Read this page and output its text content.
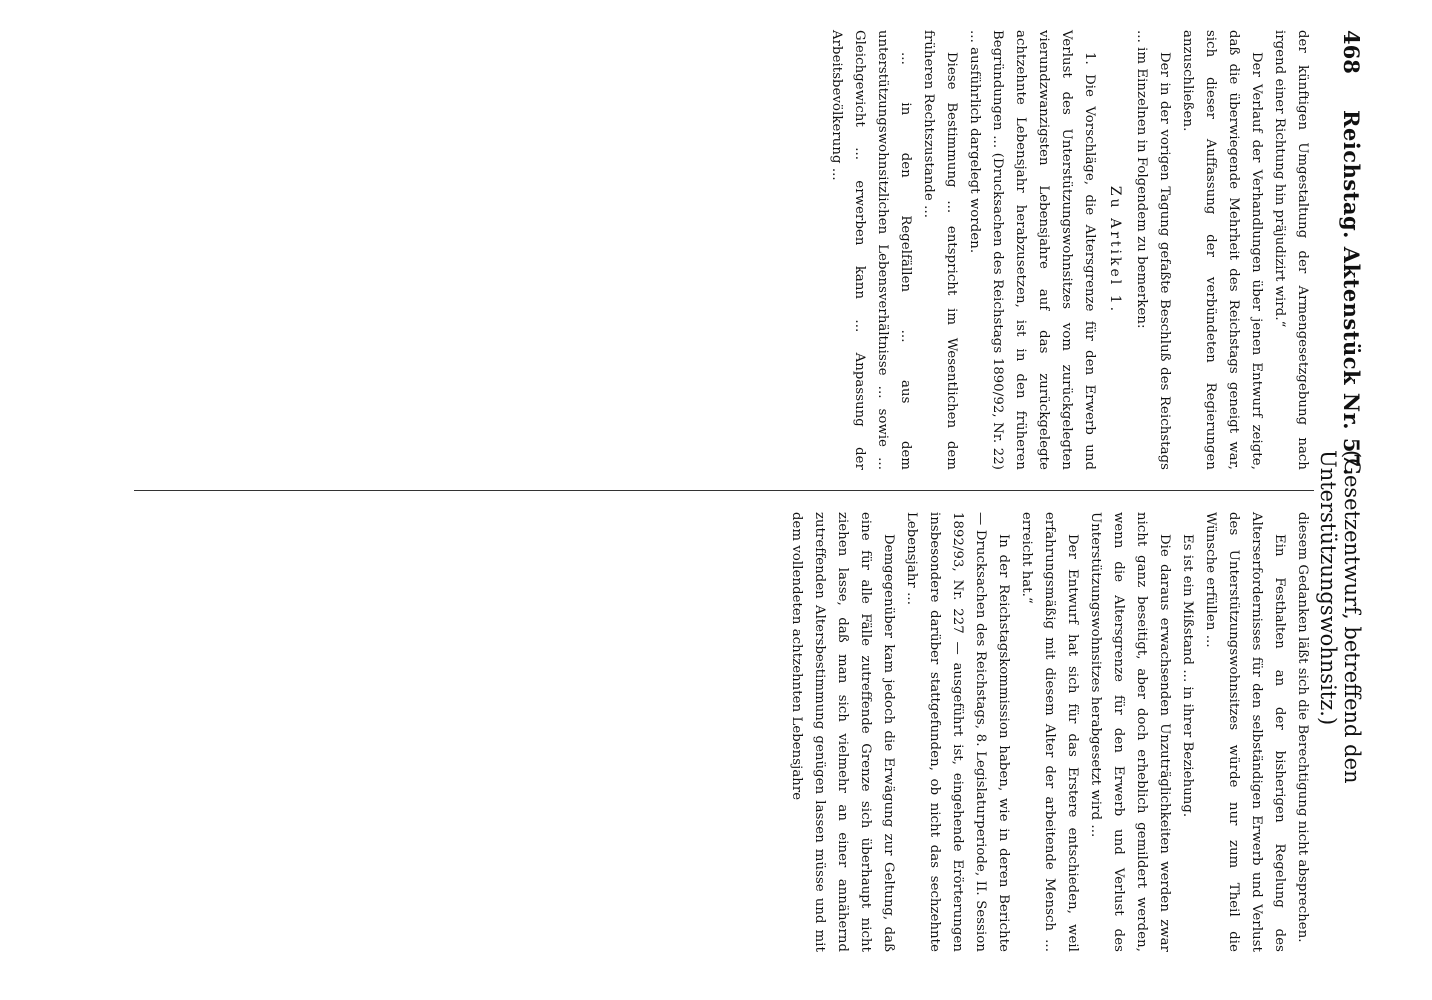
468
Reichstag. Aktenstück Nr. 57.
(Gesetzentwurf, betreffend den Unterstützungswohnsitz.)

der künftigen Umgestaltung der Armengesetzgebung nach irgend einer Richtung hin präjudizirt wird.“

Der Verlauf der Verhandlungen über jenen Entwurf zeigte, daß die überwiegende Mehrheit des Reichstags geneigt war, sich dieser Auffassung der verbündeten Regierungen anzuschließen.

Der in der vorigen Tagung gefaßte Beschluß des Reichstags ... im Einzelnen in Folgendem zu bemerken:

Zu Artikel 1.

1. Die Vorschläge, die Altersgrenze für den Erwerb und Verlust des Unterstützungswohnsitzes vom zurückgelegten vierundzwanzigsten Lebensjahre auf das zurückgelegte achtzehnte Lebensjahr herabzusetzen, ist in den früheren Begründungen ... (Drucksachen des Reichstags 1890/92, Nr. 22) ... ausführlich dargelegt worden.

Diese Bestimmung ... entspricht im Wesentlichen dem früheren Rechtszustande ...

... in den Regelfällen ... aus dem unterstützungswohnsitzlichen Lebensverhältnisse ... sowie ... Gleichgewicht ... erwerben kann ... Anpassung der Arbeitsbevölkerung ...

diesem Gedanken läßt sich die Berechtigung nicht absprechen.

Ein Festhalten an der bisherigen Regelung des Alterserfordernisses für den selbständigen Erwerb und Verlust des Unterstützungswohnsitzes würde nur zum Theil die Wünsche erfüllen ...

Es ist ein Mißstand ... in ihrer Beziehung.

Die daraus erwachsenden Unzuträglichkeiten werden zwar nicht ganz beseitigt, aber doch erheblich gemildert werden, wenn die Altersgrenze für den Erwerb und Verlust des Unterstützungswohnsitzes herabgesetzt wird ...

Der Entwurf hat sich für das Erstere entschieden, weil erfahrungsmäßig mit diesem Alter der arbeitende Mensch ... erreicht hat.“

In der Reichstagskommission haben, wie in deren Berichte — Drucksachen des Reichstags, 8. Legislaturperiode, II. Session 1892/93, Nr. 227 — ausgeführt ist, eingehende Erörterungen insbesondere darüber stattgefunden, ob nicht das sechzehnte Lebensjahr ...

Demgegenüber kam jedoch die Erwägung zur Geltung, daß eine für alle Fälle zutreffende Grenze sich überhaupt nicht ziehen lasse, daß man sich vielmehr an einer annähernd zutreffenden Altersbestimmung genügen lassen müsse und mit dem vollendeten achtzehnten Lebensjahre
